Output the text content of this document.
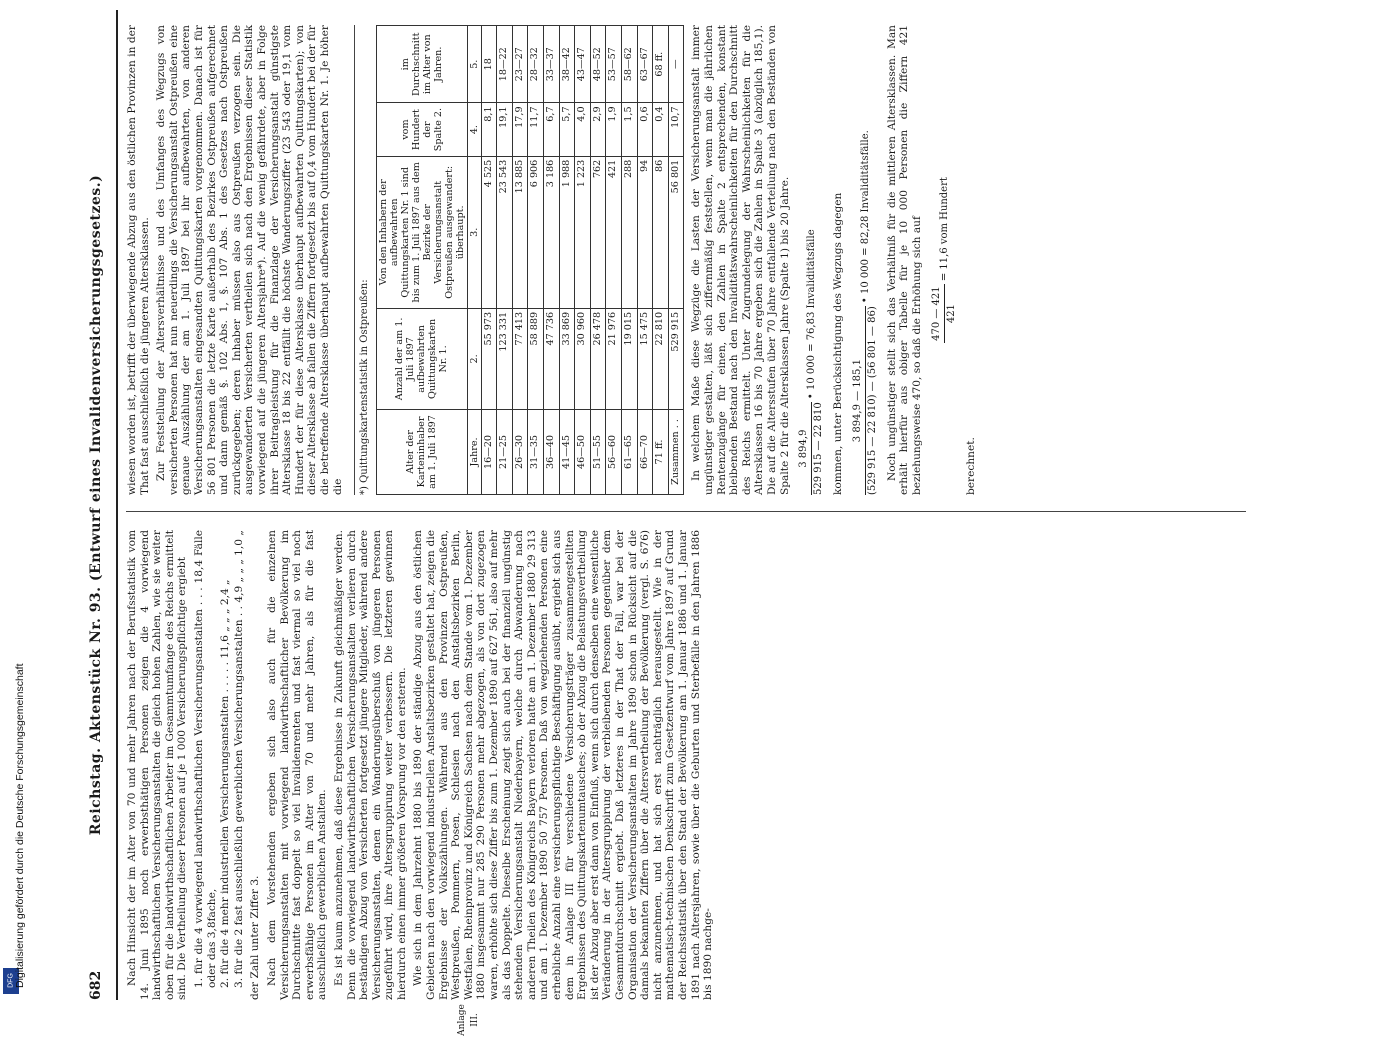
DFG Digitalisierung gefördert durch die Deutsche Forschungsgemeinschaft	682
Reichstag. Aktenstück Nr. 93. (Entwurf eines Invalidenversicherungsgesetzes.)
Anlage III.

Nach Hinsicht der im Alter von 70 und mehr Jahren nach der Berufsstatistik vom 14. Juni 1895 noch erwerbsthätigen Personen zeigen die 4 vorwiegend landwirthschaftlichen Versicherungsanstalten die gleich hohen Zahlen, wie sie weiter oben für die landwirthschaftlichen Arbeiter im Gesammtumfange des Reichs ermittelt sind. Die Vertheilung dieser Personen auf je 1 000 Versicherungspflichtige ergiebt 1. für die 4 vorwiegend landwirthschaftlichen Versicherungsanstalten . . . 18,4 Fälle oder das 3,8fache, 2. für die 4 mehr industriellen Versicherungsanstalten . . . . . 11,6 „ „ „ 2,4 „ 3. für die 2 fast ausschließlich gewerblichen Versicherungsanstalten . . 4,9 „ „ „ 1,0 „ der Zahl unter Ziffer 3. Nach dem Vorstehenden ergeben sich also auch für die einzelnen Versicherungsanstalten mit vorwiegend landwirthschaftlicher Bevölkerung im Durchschnitte fast doppelt so viel Invalidenrenten und fast viermal so viel noch erwerbsfähige Personen im Alter von 70 und mehr Jahren, als für die fast ausschließlich gewerblichen Anstalten. Es ist kaum anzunehmen, daß diese Ergebnisse in Zukunft gleichmäßiger werden. Denn die vorwiegend landwirthschaftlichen Versicherungsanstalten verlieren durch beständigen Abzug von Versicherten fortgesetzt jüngere Mitglieder, während andere Versicherungsanstalten, denen ein Wanderungsüberschuß von jüngeren Personen zugeführt wird, ihre Altersgruppirung weiter verbessern. Die letzteren gewinnen hierdurch einen immer größeren Vorsprung vor den ersteren. Wie sich in dem Jahrzehnt 1880 bis 1890 der ständige Abzug aus den östlichen Gebieten nach den vorwiegend industriellen Anstaltsbezirken gestaltet hat, zeigen die Ergebnisse der Volkszählungen. Während aus den Provinzen Ostpreußen, Westpreußen, Pommern, Posen, Schlesien nach den Anstaltsbezirken Berlin, Westfalen, Rheinprovinz und Königreich Sachsen nach dem Stande vom 1. Dezember 1880 insgesammt nur 285 290 Personen mehr abgezogen, als von dort zugezogen waren, erhöhte sich diese Ziffer bis zum 1. Dezember 1890 auf 627 561, also auf mehr als das Doppelte. Dieselbe Erscheinung zeigt sich auch bei der finanziell ungünstig stehenden Versicherungsanstalt Niederbayern, welche durch Abwanderung nach anderen Theilen des Königreichs Bayern verloren hatte am 1. Dezember 1880 29 313 und am 1. Dezember 1890 50 757 Personen. Daß von wegziehenden Personen eine erhebliche Anzahl eine versicherungspflichtige Beschäftigung ausübt, ergiebt sich aus dem in Anlage III für verschiedene Versicherungsträger zusammengestellten Ergebnissen des Quittungskartenumtausches; ob der Abzug die Belastungsvertheilung ist der Abzug aber erst dann von Einfluß, wenn sich durch denselben eine wesentliche Veränderung in der Altersgruppirung der verbleibenden Personen gegenüber dem Gesammtdurchschnitt ergiebt. Daß letzteres in der That der Fall, war bei der Organisation der Versicherungsanstalten im Jahre 1890 schon in Rücksicht auf die damals bekannten Ziffern über die Altersvertheilung der Bevölkerung (vergl. S. 676) nicht anzunehmen, und hat sich erst nachträglich herausgestellt. Wie in der mathematisch-technischen Denkschrift zum Gesetzentwurf vom Jahre 1897 auf Grund der Reichsstatistik über den Stand der Bevölkerung am 1. Januar 1886 und 1. Januar 1891 nach Altersjahren, sowie über die Geburten und Sterbefälle in den Jahren 1886 bis 1890 nachge-

wiesen worden ist, betrifft der überwiegende Abzug aus den östlichen Provinzen in der That fast ausschließlich die jüngeren Altersklassen. Zur Feststellung der Altersverhältnisse und des Umfanges des Wegzugs von versicherten Personen hat nun neuerdings die Versicherungsanstalt Ostpreußen eine genaue Auszählung der am 1. Juli 1897 bei ihr aufbewahrten, von anderen Versicherungsanstalten eingesandten Quittungskarten vorgenommen. Danach ist für 56 801 Personen die letzte Karte außerhalb des Bezirkes Ostpreußen aufgerechnet und dann gemäß §. 102 Abs. 1, §. 107 Abs. 1 des Gesetzes nach Ostpreußen zurückgegeben; deren Inhaber müssen also aus Ostpreußen verzogen sein. Die ausgewanderten Versicherten vertheilen sich nach den Ergebnissen dieser Statistik vorwiegend auf die jüngeren Altersjahre*). Auf die wenig gefährdete, aber in Folge ihrer Beitragsleistung für die Finanzlage der Versicherungsanstalt günstigste Altersklasse 18 bis 22 entfällt die höchste Wanderungsziffer (23 543 oder 19,1 vom Hundert der für diese Altersklasse überhaupt aufbewahrten Quittungskarten); von dieser Altersklasse ab fallen die Ziffern fortgesetzt bis auf 0,4 vom Hundert bei der für die betreffende Altersklasse überhaupt aufbewahrten Quittungskarten Nr. 1. Je höher die	*) Quittungskartenstatistik in Ostpreußen:	Alter der Karteninhaber am 1. Juli 1897	Anzahl der am 1. Juli 1897 aufbewahrten Quittungskarten Nr. 1.	Von den Inhabern der aufbewahrten Quittungskarten Nr. 1 sind bis zum 1. Juli 1897 aus dem Bezirke der Versicherungsanstalt Ostpreußen ausgewandert: überhaupt.	vom Hundert der Spalte 2.	im Durchschnitt im Alter von Jahren.
Jahre.	2.	3.	4.	5.
16—20	55 973	4 525	8,1	18
21—25	123 331	23 543	19,1	18—22
26—30	77 413	13 885	17,9	23—27
31—35	58 889	6 906	11,7	28—32
36—40	47 736	3 186	6,7	33—37
41—45	33 869	1 988	5,7	38—42
46—50	30 960	1 223	4,0	43—47
51—55	26 478	762	2,9	48—52
56—60	21 976	421	1,9	53—57
61—65	19 015	288	1,5	58—62
66—70	15 475	94	0,6	63—67
71 ff.	22 810	86	0,4	68 ff.
Zusammen . .	529 915	56 801	10,7	— In welchem Maße diese Wegzüge die Lasten der Versicherungsanstalt immer ungünstiger gestalten, läßt sich ziffernmäßig feststellen, wenn man die jährlichen Rentenzugänge für einen, den Zahlen in Spalte 2 entsprechenden, konstant bleibenden Bestand nach den Invaliditätswahrscheinlichkeiten für den Durchschnitt des Reichs ermittelt. Unter Zugrundelegung der Wahrscheinlichkeiten für die Altersklassen 16 bis 70 Jahre ergeben sich die Zahlen in Spalte 3 (abzüglich 185,1). Die auf die Altersstufen über 70 Jahre entfallende Verteilung nach den Beständen von Spalte 2 für die Altersklassen Jahre (Spalte 1) bis 20 Jahre. 3 894,9 529 915 — 22 810
• 10 000 = 76,83 Invaliditätsfälle	kommen, unter Berücksichtigung des Wegzugs dagegen 3 894,9 — 185,1 (529 915 — 22 810) — (56 801 — 86)
• 10 000 = 82,28 Invaliditätsfälle.	Noch ungünstiger stellt sich das Verhältniß für die mittleren Altersklassen. Man erhält hierfür aus obiger Tabelle für je 10 000 Personen die Ziffern 421 beziehungsweise 470, so daß die Erhöhung sich auf 470 — 421 421
= 11,6 vom Hundert

berechnet.
